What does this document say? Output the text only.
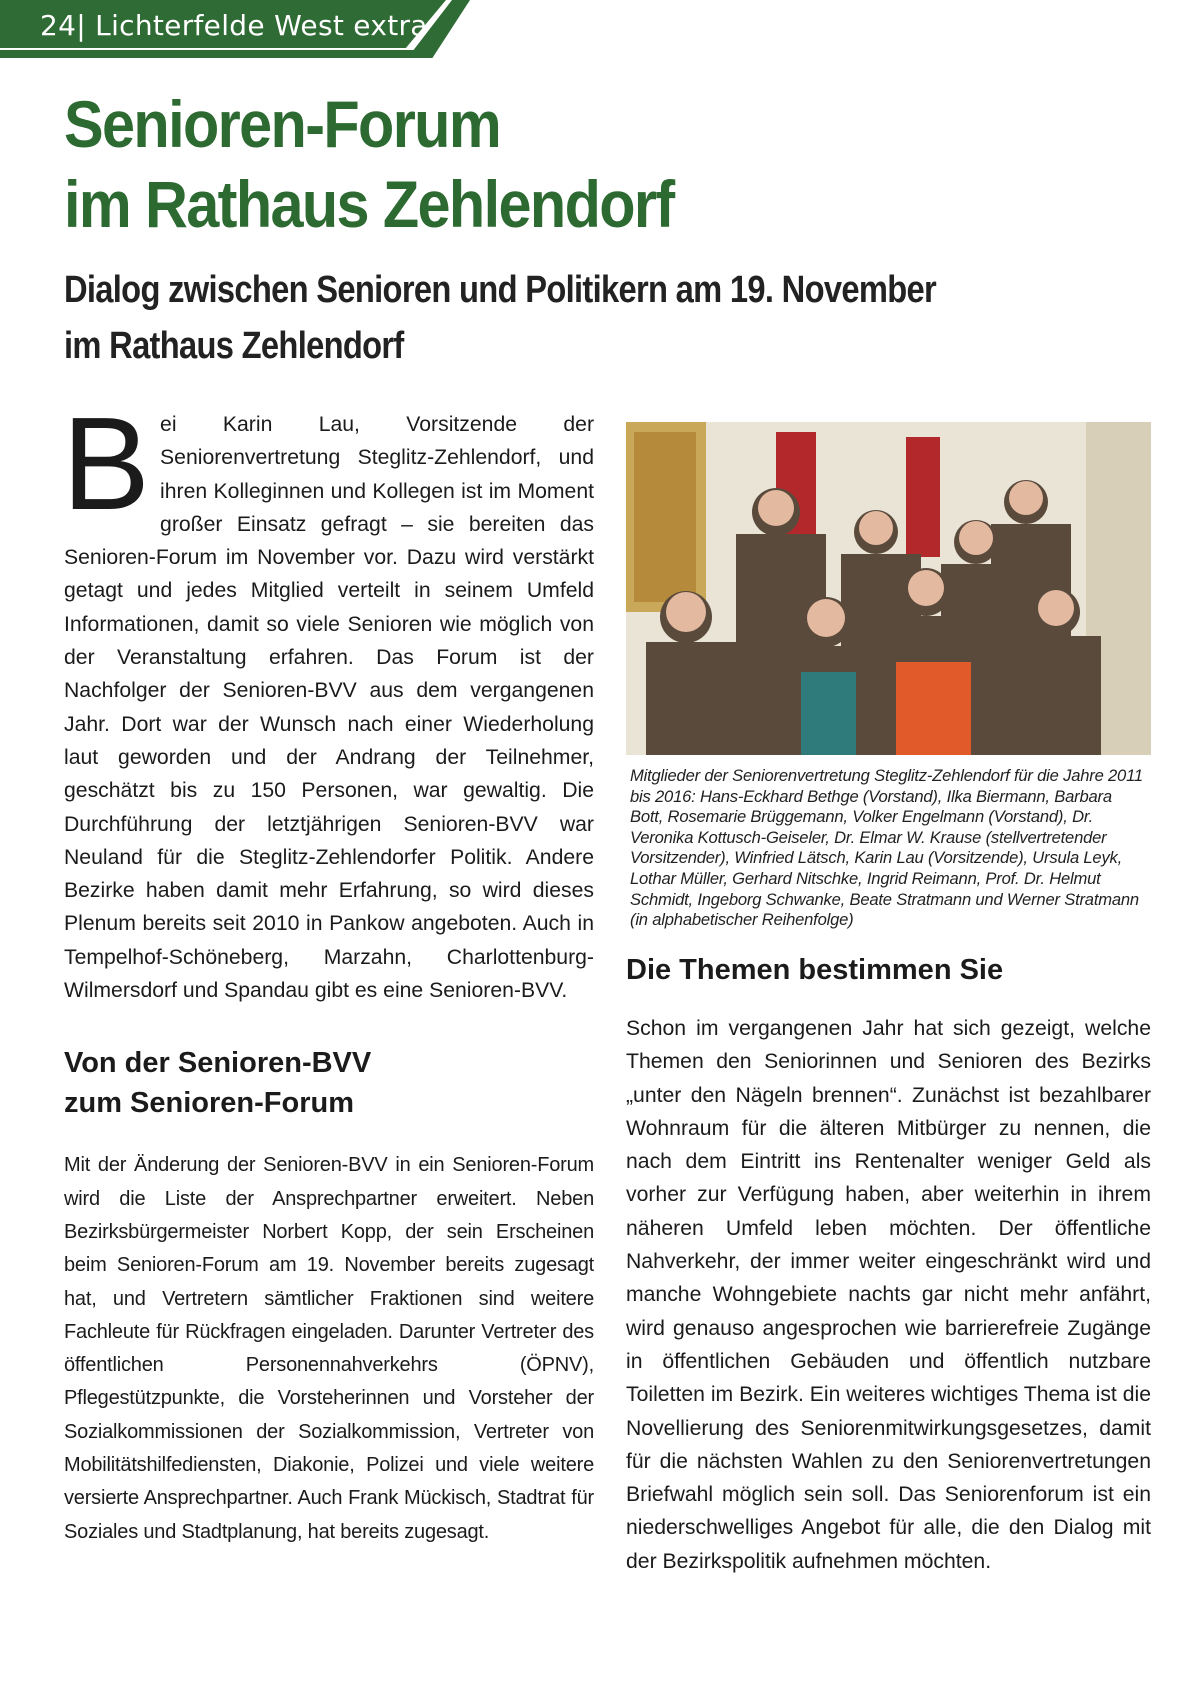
24| Lichterfelde West extra
Senioren-Forum
im Rathaus Zehlendorf
Dialog zwischen Senioren und Politikern am 19. November
im Rathaus Zehlendorf

Bei Karin Lau, Vorsitzende der Seniorenvertretung Steglitz-Zehlendorf, und ihren Kolleginnen und Kollegen ist im Moment großer Einsatz gefragt – sie bereiten das Senioren-Forum im November vor. Dazu wird verstärkt getagt und jedes Mitglied verteilt in seinem Umfeld Informationen, damit so viele Senioren wie möglich von der Veranstaltung erfahren. Das Forum ist der Nachfolger der Senioren-BVV aus dem vergangenen Jahr. Dort war der Wunsch nach einer Wiederholung laut geworden und der Andrang der Teilnehmer, geschätzt bis zu 150 Personen, war gewaltig. Die Durchführung der letztjährigen Senioren-BVV war Neuland für die Steglitz-Zehlendorfer Politik. Andere Bezirke haben damit mehr Erfahrung, so wird dieses Plenum bereits seit 2010 in Pankow angeboten. Auch in Tempelhof-Schöneberg, Marzahn, Charlottenburg-Wilmersdorf und Spandau gibt es eine Senioren-BVV.

Von der Senioren-BVV
zum Senioren-Forum

Mit der Änderung der Senioren-BVV in ein Senioren-Forum wird die Liste der Ansprechpartner erweitert. Neben Bezirksbürgermeister Norbert Kopp, der sein Erscheinen beim Senioren-Forum am 19. November bereits zugesagt hat, und Vertretern sämtlicher Fraktionen sind weitere Fachleute für Rückfragen eingeladen. Darunter Vertreter des öffentlichen Personennahverkehrs (ÖPNV), Pflegestützpunkte, die Vorsteherinnen und Vorsteher der Sozialkommissionen der Sozialkommission, Vertreter von Mobilitätshilfediensten, Diakonie, Polizei und viele weitere versierte Ansprechpartner. Auch Frank Mückisch, Stadtrat für Soziales und Stadtplanung, hat bereits zugesagt.

Mitglieder der Seniorenvertretung Steglitz-Zehlendorf für die Jahre 2011 bis 2016: Hans-Eckhard Bethge (Vorstand), Ilka Biermann, Barbara Bott, Rosemarie Brüggemann, Volker Engelmann (Vorstand), Dr. Veronika Kottusch-Geiseler, Dr. Elmar W. Krause (stellvertretender Vorsitzender), Winfried Lätsch, Karin Lau (Vorsitzende), Ursula Leyk, Lothar Müller, Gerhard Nitschke, Ingrid Reimann, Prof. Dr. Helmut Schmidt, Ingeborg Schwanke, Beate Stratmann und Werner Stratmann (in alphabetischer Reihenfolge)
Die Themen bestimmen Sie

Schon im vergangenen Jahr hat sich gezeigt, welche Themen den Seniorinnen und Senioren des Bezirks „unter den Nägeln brennen“. Zunächst ist bezahlbarer Wohnraum für die älteren Mitbürger zu nennen, die nach dem Eintritt ins Rentenalter weniger Geld als vorher zur Verfügung haben, aber weiterhin in ihrem näheren Umfeld leben möchten. Der öffentliche Nahverkehr, der immer weiter eingeschränkt wird und manche Wohngebiete nachts gar nicht mehr anfährt, wird genauso angesprochen wie barrierefreie Zugänge in öffentlichen Gebäuden und öffentlich nutzbare Toiletten im Bezirk. Ein weiteres wichtiges Thema ist die Novellierung des Seniorenmitwirkungsgesetzes, damit für die nächsten Wahlen zu den Seniorenvertretungen Briefwahl möglich sein soll. Das Seniorenforum ist ein niederschwelliges Angebot für alle, die den Dialog mit der Bezirkspolitik aufnehmen möchten.
